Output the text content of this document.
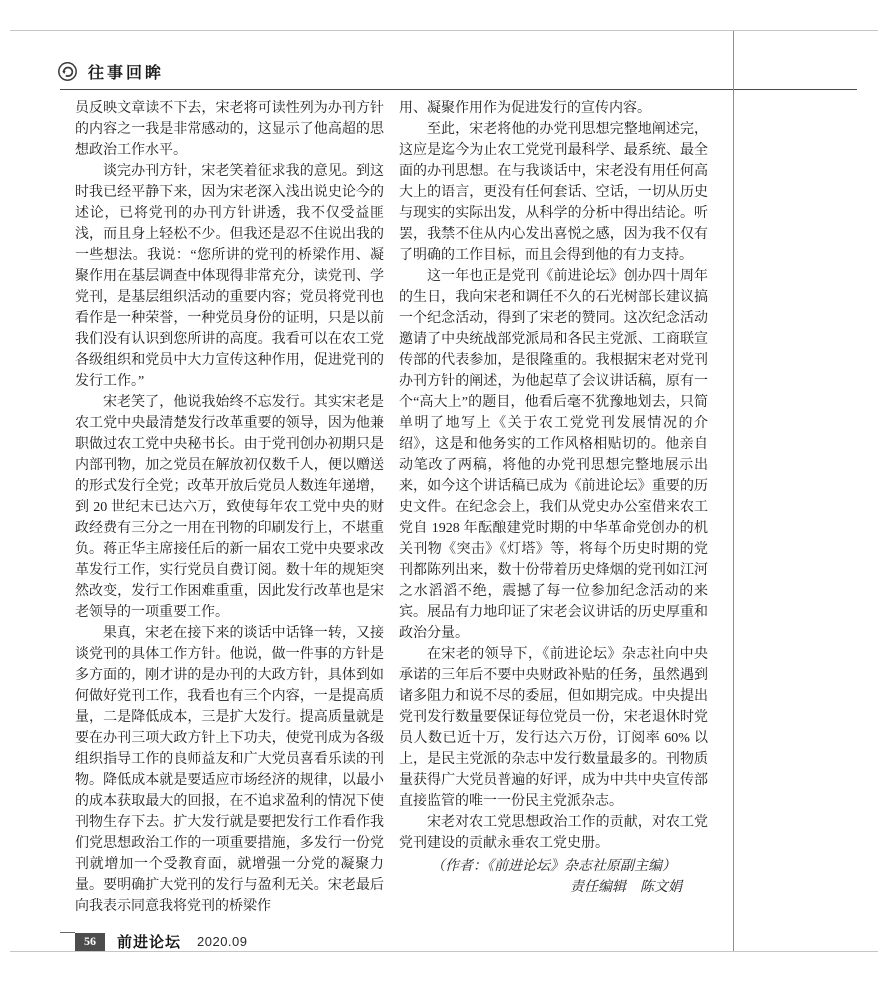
往事回眸

员反映文章读不下去，宋老将可读性列为办刊方针的内容之一我是非常感动的，这显示了他高超的思想政治工作水平。

谈完办刊方针，宋老笑着征求我的意见。到这时我已经平静下来，因为宋老深入浅出说史论今的述论，已将党刊的办刊方针讲透，我不仅受益匪浅，而且身上轻松不少。但我还是忍不住说出我的一些想法。我说：“您所讲的党刊的桥梁作用、凝聚作用在基层调查中体现得非常充分，读党刊、学党刊，是基层组织活动的重要内容；党员将党刊也看作是一种荣誉，一种党员身份的证明，只是以前我们没有认识到您所讲的高度。我看可以在农工党各级组织和党员中大力宣传这种作用，促进党刊的发行工作。”

宋老笑了，他说我始终不忘发行。其实宋老是农工党中央最清楚发行改革重要的领导，因为他兼职做过农工党中央秘书长。由于党刊创办初期只是内部刊物，加之党员在解放初仅数千人，便以赠送的形式发行全党；改革开放后党员人数连年递增，到 20 世纪末已达六万，致使每年农工党中央的财政经费有三分之一用在刊物的印刷发行上，不堪重负。蒋正华主席接任后的新一届农工党中央要求改革发行工作，实行党员自费订阅。数十年的规矩突然改变，发行工作困难重重，因此发行改革也是宋老领导的一项重要工作。

果真，宋老在接下来的谈话中话锋一转，又接谈党刊的具体工作方针。他说，做一件事的方针是多方面的，刚才讲的是办刊的大政方针，具体到如何做好党刊工作，我看也有三个内容，一是提高质量，二是降低成本，三是扩大发行。提高质量就是要在办刊三项大政方针上下功夫，使党刊成为各级组织指导工作的良师益友和广大党员喜看乐读的刊物。降低成本就是要适应市场经济的规律，以最小的成本获取最大的回报，在不追求盈利的情况下使刊物生存下去。扩大发行就是要把发行工作看作我们党思想政治工作的一项重要措施，多发行一份党刊就增加一个受教育面，就增强一分党的凝聚力量。要明确扩大党刊的发行与盈利无关。宋老最后向我表示同意我将党刊的桥梁作

用、凝聚作用作为促进发行的宣传内容。

至此，宋老将他的办党刊思想完整地阐述完，这应是迄今为止农工党党刊最科学、最系统、最全面的办刊思想。在与我谈话中，宋老没有用任何高大上的语言，更没有任何套话、空话，一切从历史与现实的实际出发，从科学的分析中得出结论。听罢，我禁不住从内心发出喜悦之感，因为我不仅有了明确的工作目标，而且会得到他的有力支持。

这一年也正是党刊《前进论坛》创办四十周年的生日，我向宋老和调任不久的石光树部长建议搞一个纪念活动，得到了宋老的赞同。这次纪念活动邀请了中央统战部党派局和各民主党派、工商联宣传部的代表参加，是很隆重的。我根据宋老对党刊办刊方针的阐述，为他起草了会议讲话稿，原有一个“高大上”的题目，他看后毫不犹豫地划去，只简单明了地写上《关于农工党党刊发展情况的介绍》，这是和他务实的工作风格相贴切的。他亲自动笔改了两稿，将他的办党刊思想完整地展示出来，如今这个讲话稿已成为《前进论坛》重要的历史文件。在纪念会上，我们从党史办公室借来农工党自 1928 年酝酿建党时期的中华革命党创办的机关刊物《突击》《灯塔》等，将每个历史时期的党刊都陈列出来，数十份带着历史烽烟的党刊如江河之水滔滔不绝，震撼了每一位参加纪念活动的来宾。展品有力地印证了宋老会议讲话的历史厚重和政治分量。

在宋老的领导下，《前进论坛》杂志社向中央承诺的三年后不要中央财政补贴的任务，虽然遇到诸多阻力和说不尽的委屈，但如期完成。中央提出党刊发行数量要保证每位党员一份，宋老退休时党员人数已近十万，发行达六万份，订阅率 60% 以上，是民主党派的杂志中发行数量最多的。刊物质量获得广大党员普遍的好评，成为中共中央宣传部直接监管的唯一一份民主党派杂志。

宋老对农工党思想政治工作的贡献，对农工党党刊建设的贡献永垂农工党史册。

（作者：《前进论坛》杂志社原副主编）

责任编辑　陈文娟

56	前进论坛 2020.09
